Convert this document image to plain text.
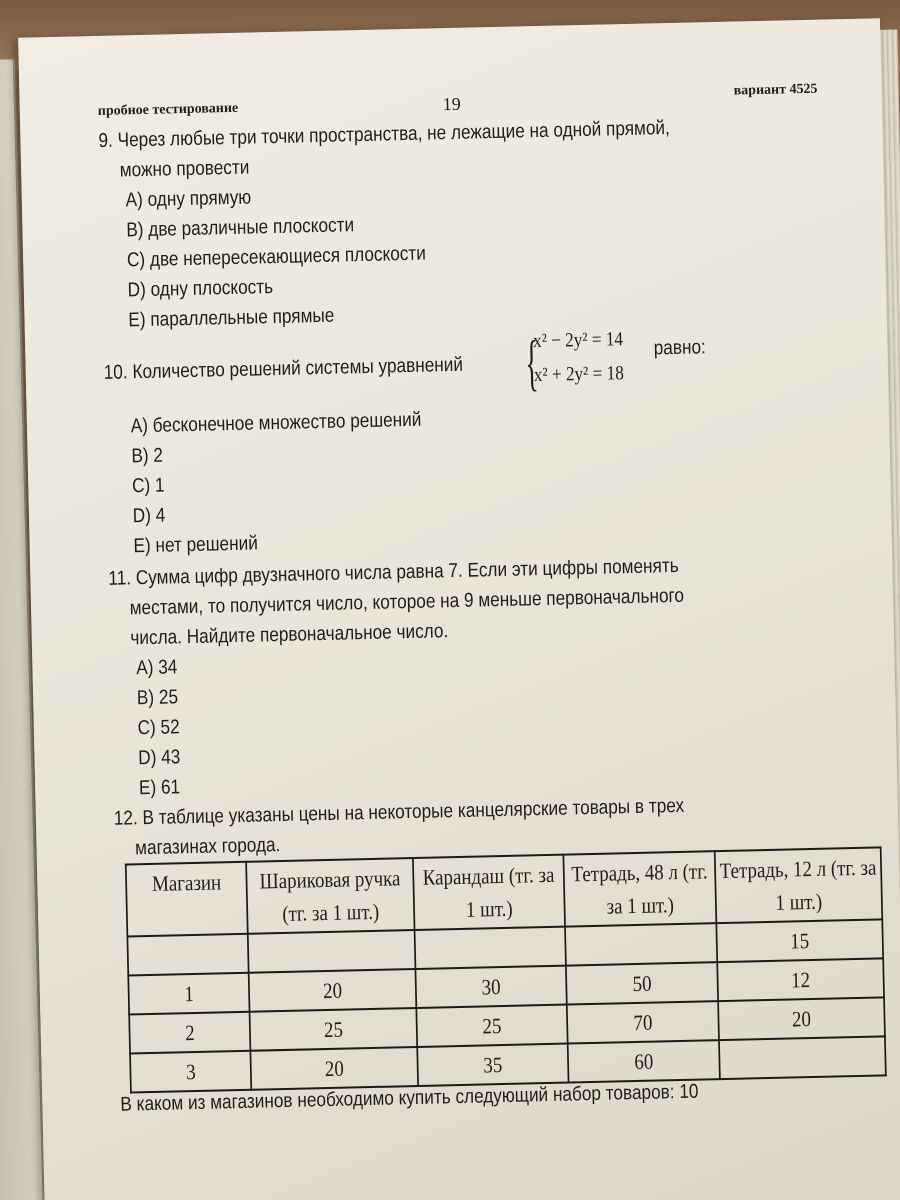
пробное тестирование	19
вариант 4525
9. Через любые три точки пространства, не лежащие на одной прямой,
можно провести
A) одну прямую
B) две различные плоскости
C) две непересекающиеся плоскости
D) одну плоскость
E) параллельные прямые
10. Количество решений системы уравнений {
x² − 2y² = 14
x² + 2y² = 18
равно:
A) бесконечное множество решений
B) 2
C) 1
D) 4
E) нет решений
11. Сумма цифр двузначного числа равна 7. Если эти цифры поменять
местами, то получится число, которое на 9 меньше первоначального
числа. Найдите первоначальное число.
A) 34
B) 25
C) 52
D) 43
E) 61
12. В таблице указаны цены на некоторые канцелярские товары в трех
магазинах города.
Магазин	Шариковая ручка (тг. за 1 шт.)	Карандаш (тг. за 1 шт.)	Тетрадь, 48 л (тг. за 1 шт.)	Тетрадь, 12 л (тг. за 1 шт.)
				15
1	20	30	50	12
2	25	25	70	20
3	20	35	60	
В каком из магазинов необходимо купить следующий набор товаров: 10
